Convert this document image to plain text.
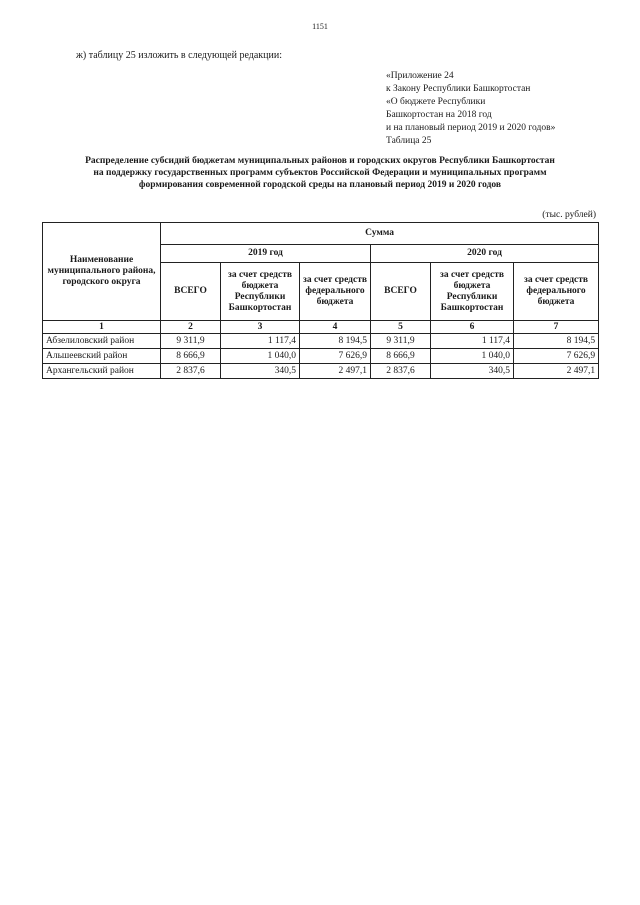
1151
ж) таблицу 25 изложить в следующей редакции:
«Приложение 24
к Закону Республики Башкортостан
«О бюджете Республики
Башкортостан на 2018 год
и на плановый период 2019 и 2020 годов»
Таблица 25
Распределение субсидий бюджетам муниципальных районов и городских округов Республики Башкортостан
на поддержку государственных программ субъектов Российской Федерации и муниципальных программ
формирования современной городской среды на плановый период 2019 и 2020 годов
(тыс. рублей)
Наименование муниципального района, городского округа	Сумма					
	2019 год			2020 год		
	ВСЕГО	за счет средств бюджета Республики Башкортостан	за счет средств федерального бюджета	ВСЕГО	за счет средств бюджета Республики Башкортостан	за счет средств федерального бюджета
1	2	3	4	5	6	7
Абзелиловский район	9 311,9	1 117,4	8 194,5	9 311,9	1 117,4	8 194,5
Альшеевский район	8 666,9	1 040,0	7 626,9	8 666,9	1 040,0	7 626,9
Архангельский район	2 837,6	340,5	2 497,1	2 837,6	340,5	2 497,1
